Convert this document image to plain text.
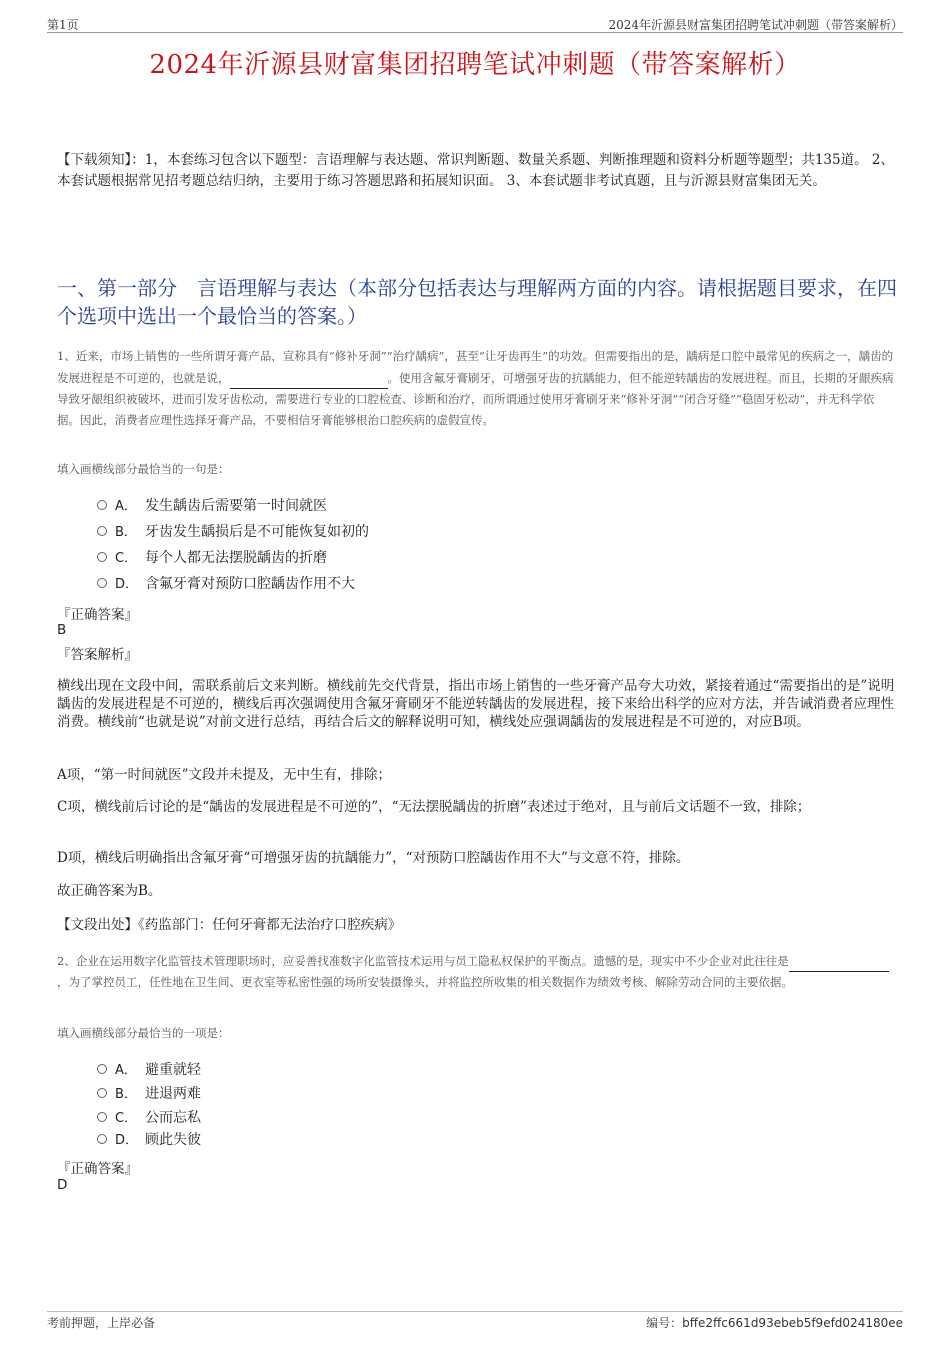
第1页	2024年沂源县财富集团招聘笔试冲刺题（带答案解析）
2024年沂源县财富集团招聘笔试冲刺题（带答案解析）
【下载须知】：1，本套练习包含以下题型：言语理解与表达题、常识判断题、数量关系题、判断推理题和资料分析题等题型；共135道。 2、本套试题根据常见招考题总结归纳，主要用于练习答题思路和拓展知识面。 3、本套试题非考试真题，且与沂源县财富集团无关。
一、第一部分　言语理解与表达（本部分包括表达与理解两方面的内容。请根据题目要求，在四个选项中选出一个最恰当的答案。）
1、近来，市场上销售的一些所谓牙膏产品，宣称具有“修补牙洞”“治疗龋病”，甚至“让牙齿再生”的功效。但需要指出的是，龋病是口腔中最常见的疾病之一，龋齿的发展进程是不可逆的，也就是说，	。使用含氟牙膏刷牙，可增强牙齿的抗龋能力，但不能逆转龋齿的发展进程。而且，长期的牙龈疾病导致牙龈组织被破坏，进而引发牙齿松动，需要进行专业的口腔检查、诊断和治疗，而所谓通过使用牙膏刷牙来“修补牙洞”“闭合牙缝”“稳固牙松动”，并无科学依据。因此，消费者应理性选择牙膏产品，不要相信牙膏能够根治口腔疾病的虚假宣传。
填入画横线部分最恰当的一句是：
A． 发生龋齿后需要第一时间就医
B． 牙齿发生龋损后是不可能恢复如初的
C． 每个人都无法摆脱龋齿的折磨
D． 含氟牙膏对预防口腔龋齿作用不大
『正确答案』
B
『答案解析』

横线出现在文段中间，需联系前后文来判断。横线前先交代背景，指出市场上销售的一些牙膏产品夸大功效，紧接着通过“需要指出的是”说明龋齿的发展进程是不可逆的，横线后再次强调使用含氟牙膏刷牙不能逆转龋齿的发展进程，接下来给出科学的应对方法，并告诫消费者应理性消费。横线前“也就是说”对前文进行总结，再结合后文的解释说明可知，横线处应强调龋齿的发展进程是不可逆的，对应B项。

A项，“第一时间就医”文段并未提及，无中生有，排除；

C项，横线前后讨论的是“龋齿的发展进程是不可逆的”，“无法摆脱龋齿的折磨”表述过于绝对，且与前后文话题不一致，排除；

D项，横线后明确指出含氟牙膏“可增强牙齿的抗龋能力”，“对预防口腔龋齿作用不大”与文意不符，排除。

故正确答案为B。

【文段出处】《药监部门：任何牙膏都无法治疗口腔疾病》

2、企业在运用数字化监管技术管理职场时，应妥善找准数字化监管技术运用与员工隐私权保护的平衡点。遗憾的是，现实中不少企业对此往往是 ，为了掌控员工，任性地在卫生间、更衣室等私密性强的场所安装摄像头，并将监控所收集的相关数据作为绩效考核、解除劳动合同的主要依据。
填入画横线部分最恰当的一项是：
A． 避重就轻
B． 进退两难
C． 公而忘私
D． 顾此失彼
『正确答案』
D
考前押题，上岸必备	编号：bffe2ffc661d93ebeb5f9efd024180ee
